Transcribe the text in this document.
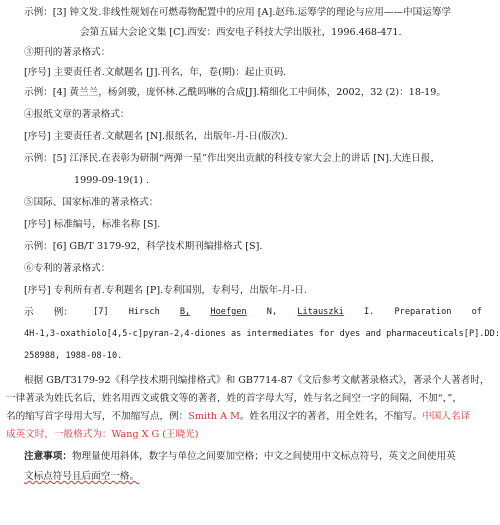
示例：[3] 钟文发.非线性规划在可燃毒物配置中的应用 [A].赵玮.运筹学的理论与应用——中国运筹学
会第五届大会论文集 [C].西安：西安电子科技大学出版社，1996.468-471.
③期刊的著录格式：
[序号] 主要责任者.文献题名 [J].刊名，年，卷(期)：起止页码.
示例：[4] 黄兰兰，杨剑骏，庞怀林.乙酰吗啉的合成[J].精细化工中间体，2002，32 (2)：18-19。
④报纸文章的著录格式：
[序号] 主要责任者.文献题名 [N].报纸名，出版年-月-日(版次).
示例：[5] 江泽民.在表彰为研制“两弹一星”作出突出贡献的科技专家大会上的讲话 [N].大连日报，
1999-09-19(1) .
⑤国际、国家标准的著录格式：
[序号] 标准编号，标准名称 [S].
示例：[6] GB/T 3179-92，科学技术期刊编排格式 [S].
⑥专利的著录格式：
[序号] 专利所有者.专利题名 [P].专利国别，专利号，出版年-月-日.
示 例： [7] Hirsch B, Hoefgen N, Litauszki I. Preparation of
4H-1,3-oxathiolo[4,5-c]pyran-2,4-diones as intermediates for dyes and pharmaceuticals[P].DD:
258988, 1988-08-10.
根据 GB/T3179-92《科学技术期刊编排格式》和 GB7714-87《文后参考文献著录格式》，著录个人著者时，
一律著录为姓氏名后，姓名用西文或俄文等的著者，姓的首字母大写，姓与名之间空一字的间隔，不加“，”，
名的缩写首字母用大写，不加缩写点，例：Smith A M。姓名用汉字的著者，用全姓名，不缩写。中国人名译
成英文时，一般格式为：Wang X G (王晓光)
注意事项：物理量使用斜体，数字与单位之间要加空格；中文之间使用中文标点符号，英文之间使用英
文标点符号且后面空一格。
